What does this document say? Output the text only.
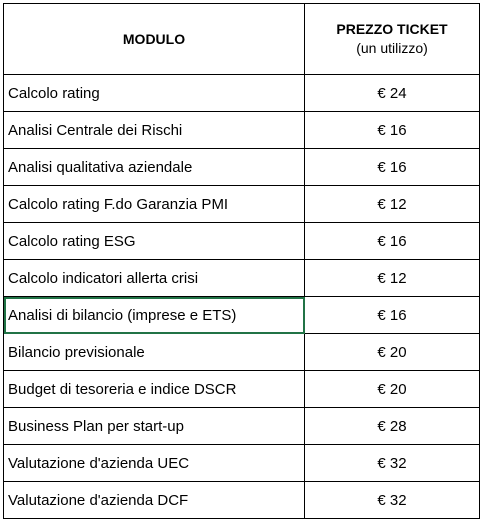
MODULO	PREZZO TICKET
(un utilizzo)

Calcolo rating	€ 24
Analisi Centrale dei Rischi	€ 16
Analisi qualitativa aziendale	€ 16
Calcolo rating F.do Garanzia PMI	€ 12
Calcolo rating ESG	€ 16
Calcolo indicatori allerta crisi	€ 12
Analisi di bilancio (imprese e ETS)	€ 16
Bilancio previsionale	€ 20
Budget di tesoreria e indice DSCR	€ 20
Business Plan per start-up	€ 28
Valutazione d'azienda UEC	€ 32
Valutazione d'azienda DCF	€ 32
